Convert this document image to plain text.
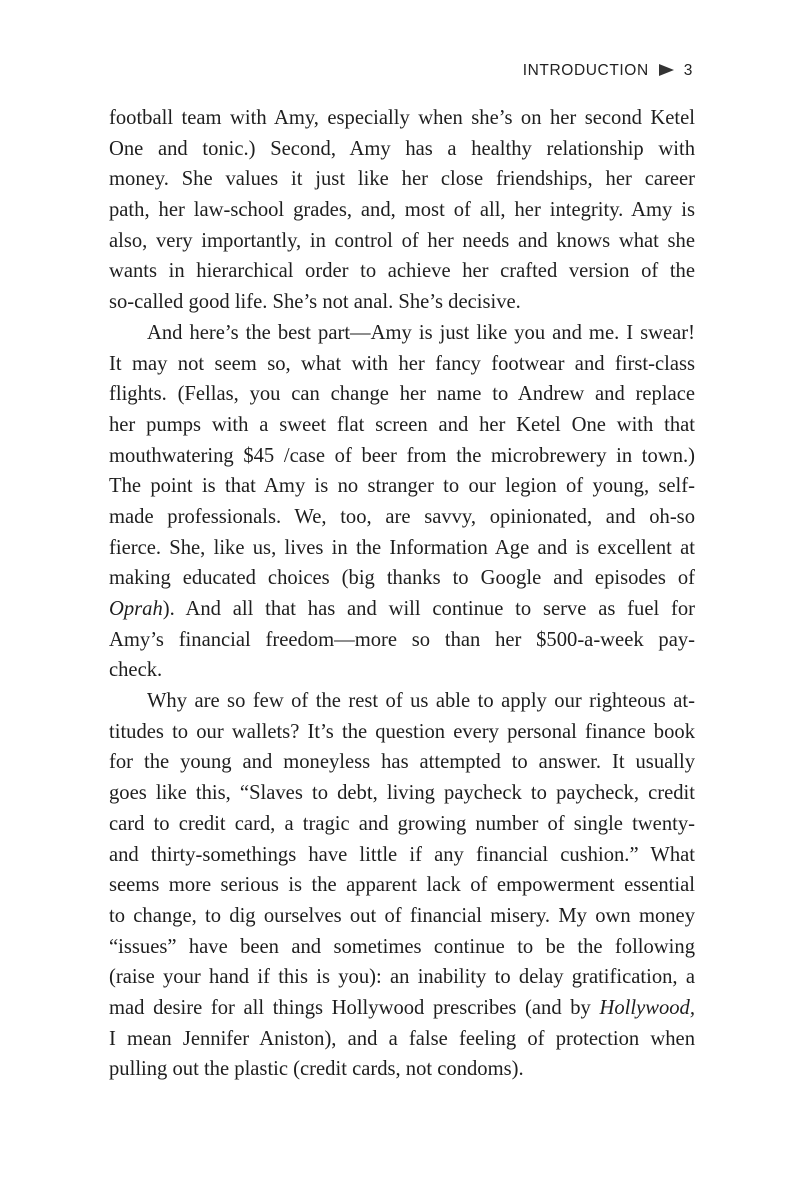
INTRODUCTION 3
football team with Amy, especially when she’s on her second Ketel
One and tonic.) Second, Amy has a healthy relationship with
money. She values it just like her close friendships, her career
path, her law-school grades, and, most of all, her integrity. Amy is
also, very importantly, in control of her needs and knows what she
wants in hierarchical order to achieve her crafted version of the
so-called good life. She’s not anal. She’s decisive.
And here’s the best part—Amy is just like you and me. I swear!
It may not seem so, what with her fancy footwear and first-class
flights. (Fellas, you can change her name to Andrew and replace
her pumps with a sweet flat screen and her Ketel One with that
mouthwatering $45 /case of beer from the microbrewery in town.)
The point is that Amy is no stranger to our legion of young, self-
made professionals. We, too, are savvy, opinionated, and oh-so
fierce. She, like us, lives in the Information Age and is excellent at
making educated choices (big thanks to Google and episodes of
Oprah). And all that has and will continue to serve as fuel for
Amy’s financial freedom—more so than her $500-a-week pay-
check.
Why are so few of the rest of us able to apply our righteous at-
titudes to our wallets? It’s the question every personal finance book
for the young and moneyless has attempted to answer. It usually
goes like this, “Slaves to debt, living paycheck to paycheck, credit
card to credit card, a tragic and growing number of single twenty-
and thirty-somethings have little if any financial cushion.” What
seems more serious is the apparent lack of empowerment essential
to change, to dig ourselves out of financial misery. My own money
“issues” have been and sometimes continue to be the following
(raise your hand if this is you): an inability to delay gratification, a
mad desire for all things Hollywood prescribes (and by Hollywood,
I mean Jennifer Aniston), and a false feeling of protection when
pulling out the plastic (credit cards, not condoms).
